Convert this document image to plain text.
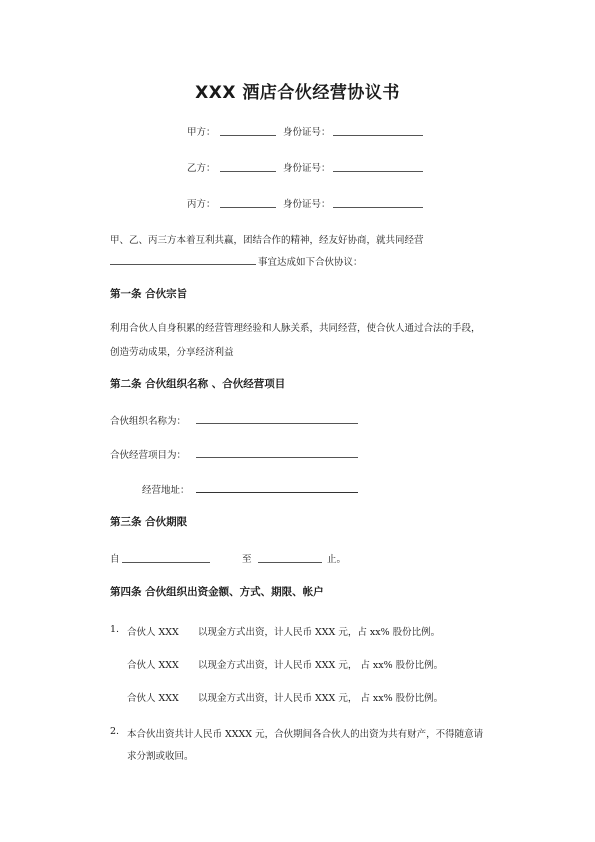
XXX 酒店合伙经营协议书
甲方：	身份证号：
乙方：	身份证号：
丙方：	身份证号：
甲、乙、丙三方本着互利共赢，团结合作的精神，经友好协商，就共同经营
事宜达成如下合伙协议：
第一条 合伙宗旨
利用合伙人自身积累的经营管理经验和人脉关系，共同经营，使合伙人通过合法的手段，
创造劳动成果，分享经济利益
第二条 合伙组织名称 、合伙经营项目
合伙组织名称为：
合伙经营项目为：
经营地址：
第三条 合伙期限
自	至	止。
第四条 合伙组织出资金额、方式、期限、帐户
1. 合伙人 XXX 以现金方式出资，计人民币 XXX 元，占 xx% 股份比例。
合伙人 XXX 以现金方式出资，计人民币 XXX 元， 占 xx% 股份比例。
合伙人 XXX 以现金方式出资，计人民币 XXX 元， 占 xx% 股份比例。
2. 本合伙出资共计人民币 XXXX 元，合伙期间各合伙人的出资为共有财产，不得随意请
求分割或收回。
